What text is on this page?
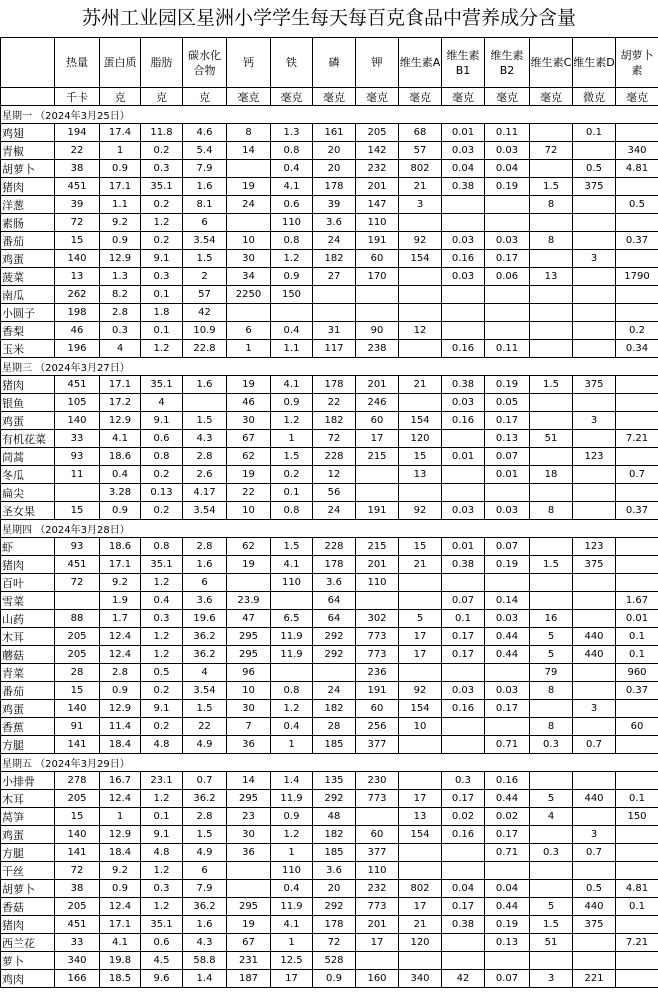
苏州工业园区星洲小学学生每天每百克食品中营养成分含量
	热量	蛋白质	脂肪	碳水化合物	钙	铁	磷	钾	维生素A	维生素B1	维生素B2	维生素C	维生素D	胡萝卜素
	千卡	克	克	克	毫克	毫克	毫克	毫克	毫克	毫克	毫克	毫克	微克	毫克
星期一 （2024年3月25日）														
鸡翅	194	17.4	11.8	4.6	8	1.3	161	205	68	0.01	0.11		0.1	
青椒	22	1	0.2	5.4	14	0.8	20	142	57	0.03	0.03	72		340
胡萝卜	38	0.9	0.3	7.9		0.4	20	232	802	0.04	0.04		0.5	4.81
猪肉	451	17.1	35.1	1.6	19	4.1	178	201	21	0.38	0.19	1.5	375	
洋葱	39	1.1	0.2	8.1	24	0.6	39	147	3			8		0.5
素肠	72	9.2	1.2	6		110	3.6	110						
番茄	15	0.9	0.2	3.54	10	0.8	24	191	92	0.03	0.03	8		0.37
鸡蛋	140	12.9	9.1	1.5	30	1.2	182	60	154	0.16	0.17		3	
菠菜	13	1.3	0.3	2	34	0.9	27	170		0.03	0.06	13		1790
南瓜	262	8.2	0.1	57	2250	150								
小圆子	198	2.8	1.8	42										
香梨	46	0.3	0.1	10.9	6	0.4	31	90	12					0.2
玉米	196	4	1.2	22.8	1	1.1	117	238		0.16	0.11			0.34
星期三 （2024年3月27日）														
猪肉	451	17.1	35.1	1.6	19	4.1	178	201	21	0.38	0.19	1.5	375	
银鱼	105	17.2	4		46	0.9	22	246		0.03	0.05			
鸡蛋	140	12.9	9.1	1.5	30	1.2	182	60	154	0.16	0.17		3	
有机花菜	33	4.1	0.6	4.3	67	1	72	17	120		0.13	51		7.21
茼蒿	93	18.6	0.8	2.8	62	1.5	228	215	15	0.01	0.07		123	
冬瓜	11	0.4	0.2	2.6	19	0.2	12		13		0.01	18		0.7
扁尖		3.28	0.13	4.17	22	0.1	56							
圣女果	15	0.9	0.2	3.54	10	0.8	24	191	92	0.03	0.03	8		0.37
星期四 （2024年3月28日）														
虾	93	18.6	0.8	2.8	62	1.5	228	215	15	0.01	0.07		123	
猪肉	451	17.1	35.1	1.6	19	4.1	178	201	21	0.38	0.19	1.5	375	
百叶	72	9.2	1.2	6		110	3.6	110						
雪菜		1.9	0.4	3.6	23.9		64			0.07	0.14			1.67
山药	88	1.7	0.3	19.6	47	6.5	64	302	5	0.1	0.03	16		0.01
木耳	205	12.4	1.2	36.2	295	11.9	292	773	17	0.17	0.44	5	440	0.1
蘑菇	205	12.4	1.2	36.2	295	11.9	292	773	17	0.17	0.44	5	440	0.1
青菜	28	2.8	0.5	4	96			236				79		960
番茄	15	0.9	0.2	3.54	10	0.8	24	191	92	0.03	0.03	8		0.37
鸡蛋	140	12.9	9.1	1.5	30	1.2	182	60	154	0.16	0.17		3	
香蕉	91	11.4	0.2	22	7	0.4	28	256	10			8		60
方腿	141	18.4	4.8	4.9	36	1	185	377			0.71	0.3	0.7	
星期五 （2024年3月29日）														
小排骨	278	16.7	23.1	0.7	14	1.4	135	230		0.3	0.16			
木耳	205	12.4	1.2	36.2	295	11.9	292	773	17	0.17	0.44	5	440	0.1
莴笋	15	1	0.1	2.8	23	0.9	48		13	0.02	0.02	4		150
鸡蛋	140	12.9	9.1	1.5	30	1.2	182	60	154	0.16	0.17		3	
方腿	141	18.4	4.8	4.9	36	1	185	377			0.71	0.3	0.7	
干丝	72	9.2	1.2	6		110	3.6	110						
胡萝卜	38	0.9	0.3	7.9		0.4	20	232	802	0.04	0.04		0.5	4.81
香菇	205	12.4	1.2	36.2	295	11.9	292	773	17	0.17	0.44	5	440	0.1
猪肉	451	17.1	35.1	1.6	19	4.1	178	201	21	0.38	0.19	1.5	375	
西兰花	33	4.1	0.6	4.3	67	1	72	17	120		0.13	51		7.21
萝卜	340	19.8	4.5	58.8	231	12.5	528							
鸡肉	166	18.5	9.6	1.4	187	17	0.9	160	340	42	0.07	3	221	
